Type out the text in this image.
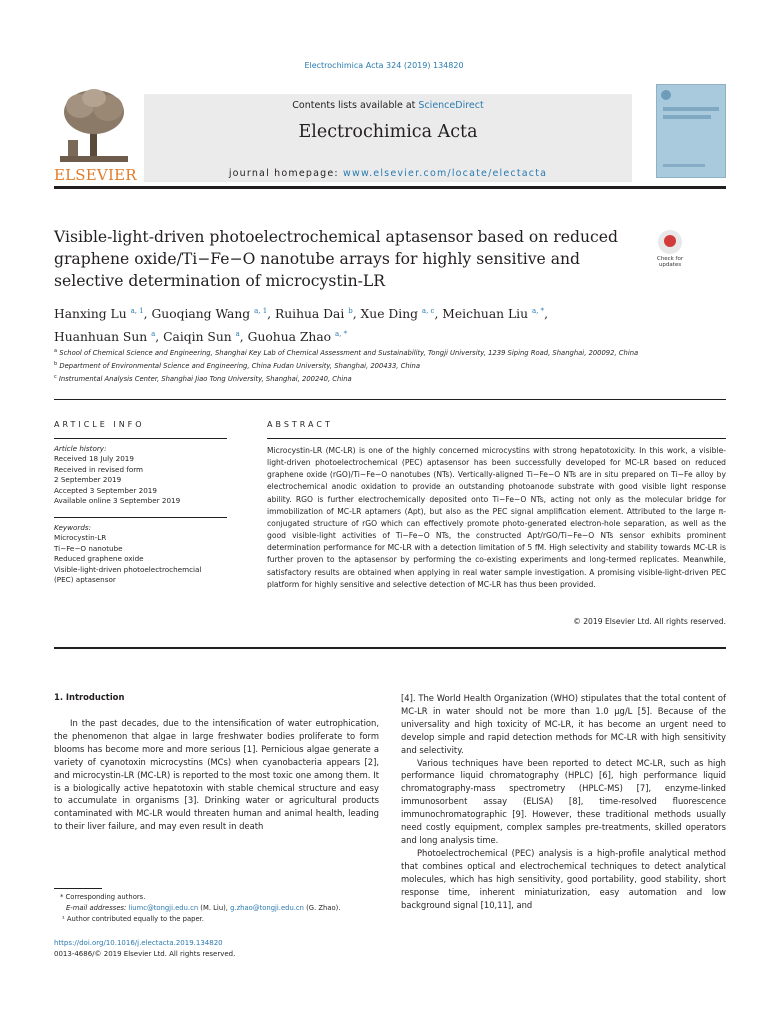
Electrochimica Acta 324 (2019) 134820
ELSEVIER
Contents lists available at ScienceDirect
Electrochimica Acta
journal homepage: www.elsevier.com/locate/electacta
Visible-light-driven photoelectrochemical aptasensor based on reduced graphene oxide/Ti−Fe−O nanotube arrays for highly sensitive and selective determination of microcystin-LR
Check for updates
Hanxing Lu $^{a, 1}$, Guoqiang Wang $^{a, 1}$, Ruihua Dai $^b$, Xue Ding $^{a, c}$, Meichuan Liu $^{a, *}$,
Huanhuan Sun $^a$, Caiqin Sun $^a$, Guohua Zhao $^{a, *}$
$^a$ School of Chemical Science and Engineering, Shanghai Key Lab of Chemical Assessment and Sustainability, Tongji University, 1239 Siping Road, Shanghai, 200092, China
$^b$ Department of Environmental Science and Engineering, China Fudan University, Shanghai, 200433, China
$^c$ Instrumental Analysis Center, Shanghai Jiao Tong University, Shanghai, 200240, China
ARTICLE INFO
Article history:
Received 18 July 2019
Received in revised form
2 September 2019
Accepted 3 September 2019
Available online 3 September 2019
Keywords:
Microcystin-LR
Ti−Fe−O nanotube
Reduced graphene oxide
Visible-light-driven photoelectrochemcial
(PEC) aptasensor
ABSTRACT
Microcystin-LR (MC-LR) is one of the highly concerned microcystins with strong hepatotoxicity. In this work, a visible-light-driven photoelectrochemical (PEC) aptasensor has been successfully developed for MC-LR based on reduced graphene oxide (rGO)/Ti−Fe−O nanotubes (NTs). Vertically-aligned Ti−Fe−O NTs are in situ prepared on Ti−Fe alloy by electrochemical anodic oxidation to provide an outstanding photoanode substrate with good visible light response ability. RGO is further electrochemically deposited onto Ti−Fe−O NTs, acting not only as the molecular bridge for immobilization of MC-LR aptamers (Apt), but also as the PEC signal amplification element. Attributed to the large π-conjugated structure of rGO which can effectively promote photo-generated electron-hole separation, as well as the good visible-light activities of Ti−Fe−O NTs, the constructed Apt/rGO/Ti−Fe−O NTs sensor exhibits prominent determination performance for MC-LR with a detection limitation of 5 fM. High selectivity and stability towards MC-LR is further proven to the aptasensor by performing the co-existing experiments and long-termed replicates. Meanwhile, satisfactory results are obtained when applying in real water sample investigation. A promising visible-light-driven PEC platform for highly sensitive and selective detection of MC-LR has thus been provided.
© 2019 Elsevier Ltd. All rights reserved.
1. Introduction

In the past decades, due to the intensification of water eutrophication, the phenomenon that algae in large freshwater bodies proliferate to form blooms has become more and more serious [1]. Pernicious algae generate a variety of cyanotoxin microcystins (MCs) when cyanobacteria appears [2], and microcystin-LR (MC-LR) is reported to the most toxic one among them. It is a biologically active hepatotoxin with stable chemical structure and easy to accumulate in organisms [3]. Drinking water or agricultural products contaminated with MC-LR would threaten human and animal health, leading to their liver failure, and may even result in death

[4]. The World Health Organization (WHO) stipulates that the total content of MC-LR in water should not be more than 1.0 μg/L [5]. Because of the universality and high toxicity of MC-LR, it has become an urgent need to develop simple and rapid detection methods for MC-LR with high sensitivity and selectivity.

Various techniques have been reported to detect MC-LR, such as high performance liquid chromatography (HPLC) [6], high performance liquid chromatography-mass spectrometry (HPLC-MS) [7], enzyme-linked immunosorbent assay (ELISA) [8], time-resolved fluorescence immunochromatographic [9]. However, these traditional methods usually need costly equipment, complex samples pre-treatments, skilled operators and long analysis time.

Photoelectrochemical (PEC) analysis is a high-profile analytical method that combines optical and electrochemical techniques to detect analytical molecules, which has high sensitivity, good portability, good stability, short response time, inherent miniaturization, easy automation and low background signal [10,11], and

* Corresponding authors.
E-mail addresses: liumc@tongji.edu.cn (M. Liu), g.zhao@tongji.edu.cn (G. Zhao).
¹ Author contributed equally to the paper.
https://doi.org/10.1016/j.electacta.2019.134820
0013-4686/© 2019 Elsevier Ltd. All rights reserved.
